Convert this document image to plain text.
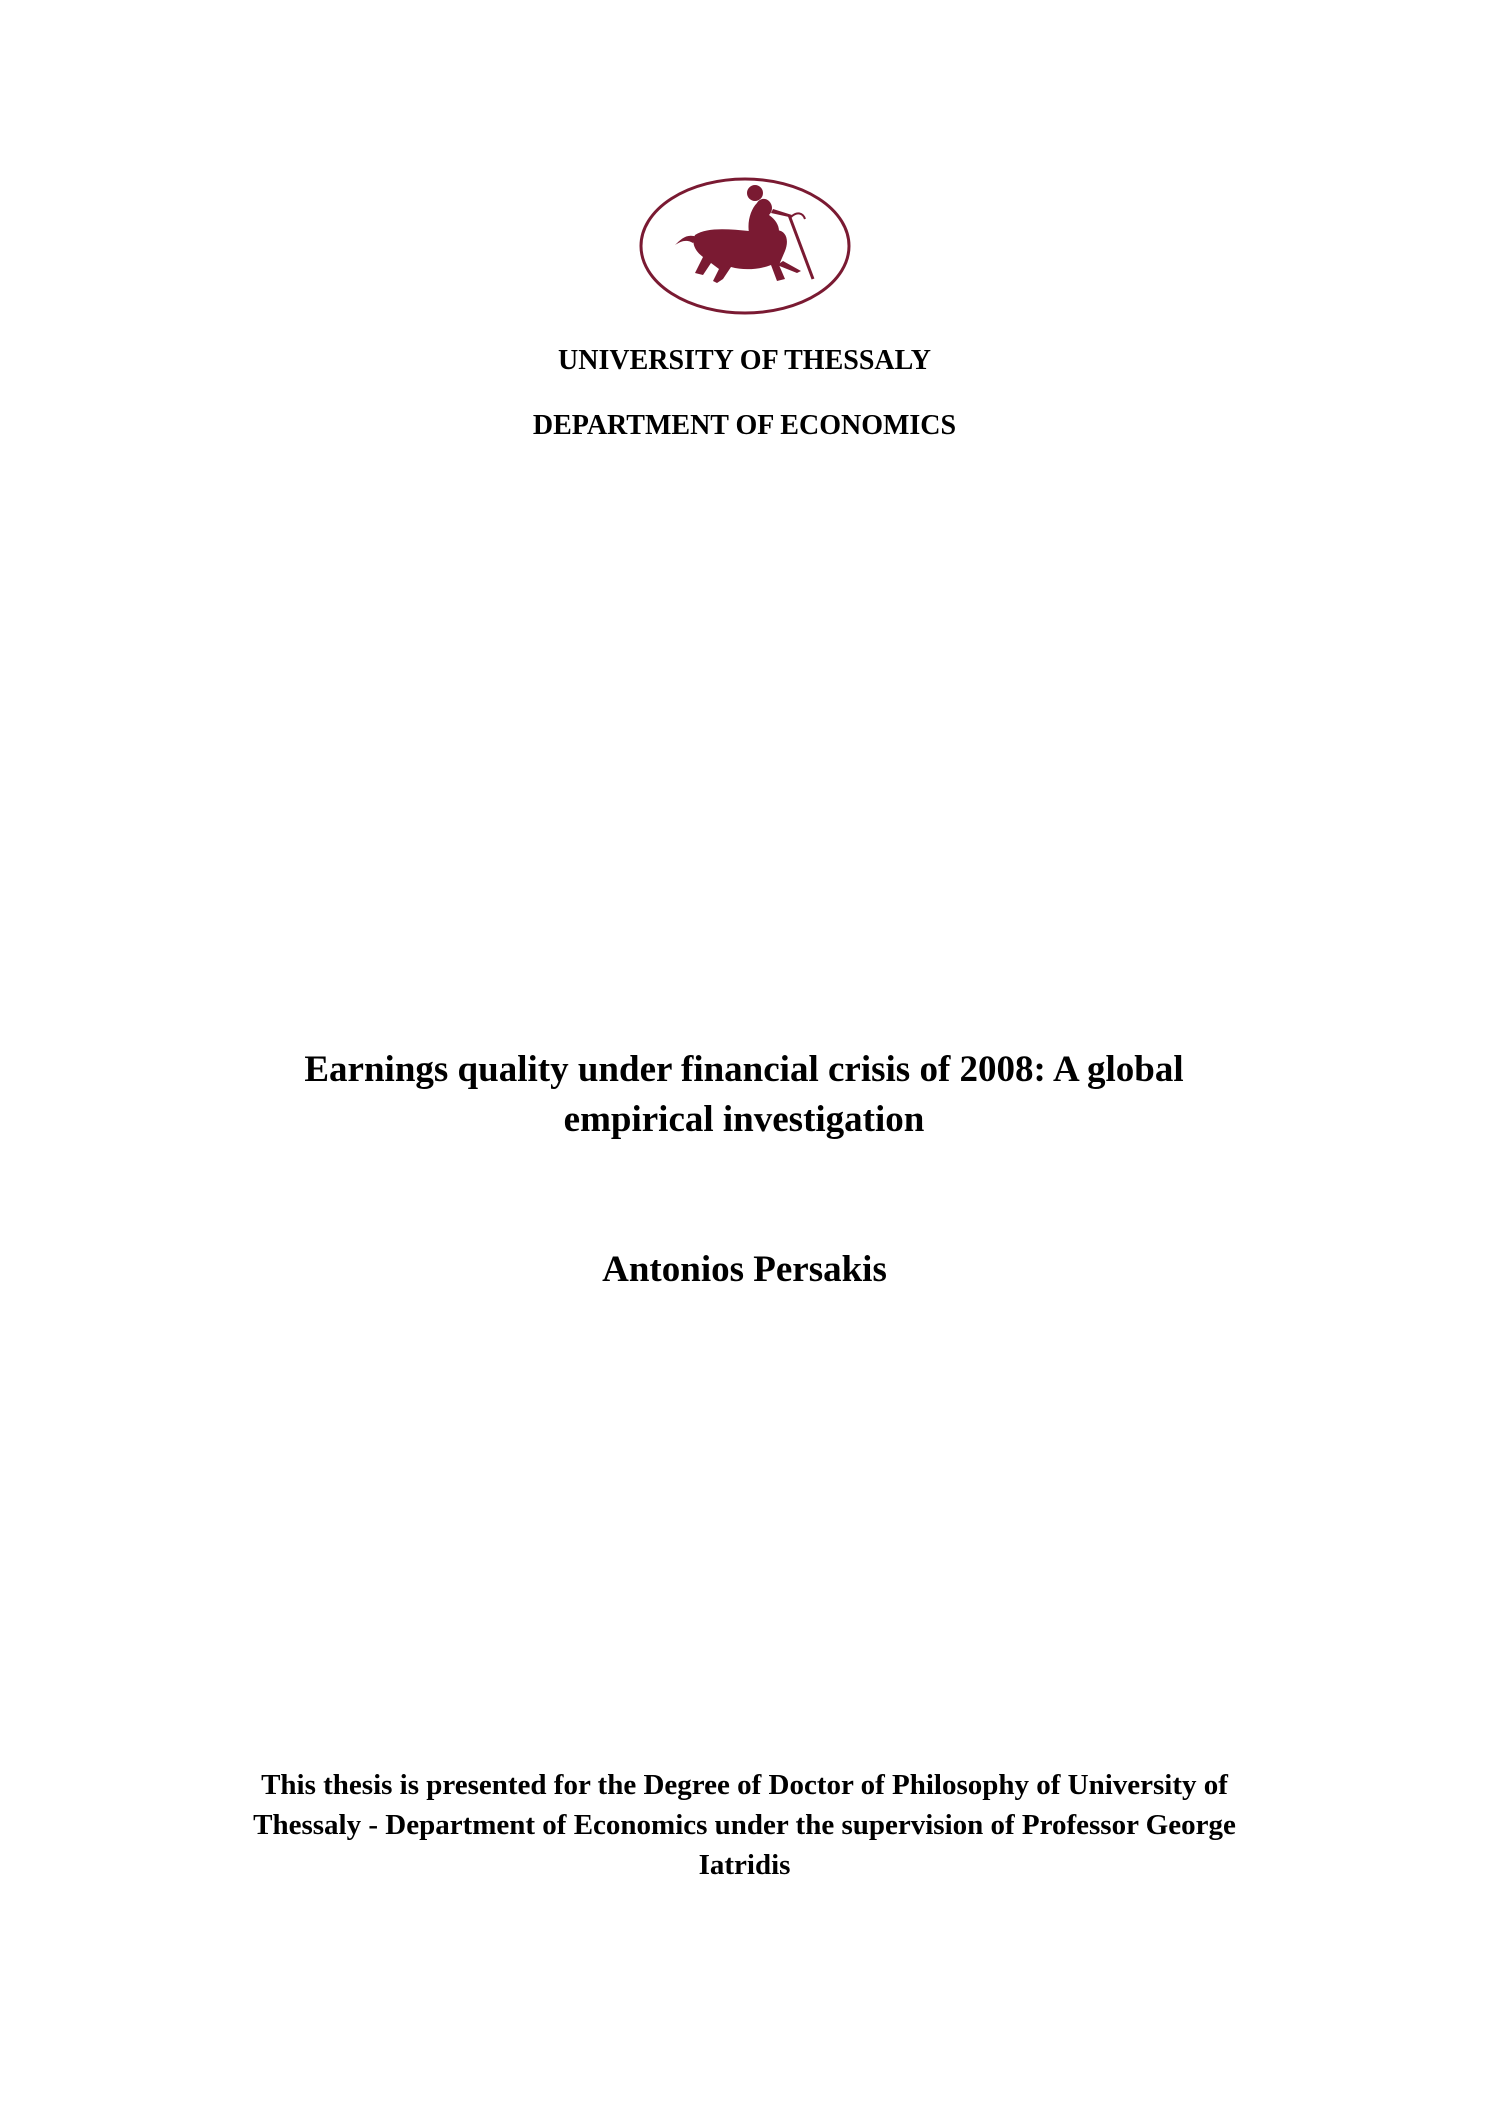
UNIVERSITY OF THESSALY
DEPARTMENT OF ECONOMICS
Earnings quality under financial crisis of 2008: A global empirical investigation
Antonios Persakis
This thesis is presented for the Degree of Doctor of Philosophy of University of Thessaly - Department of Economics under the supervision of Professor George Iatridis
